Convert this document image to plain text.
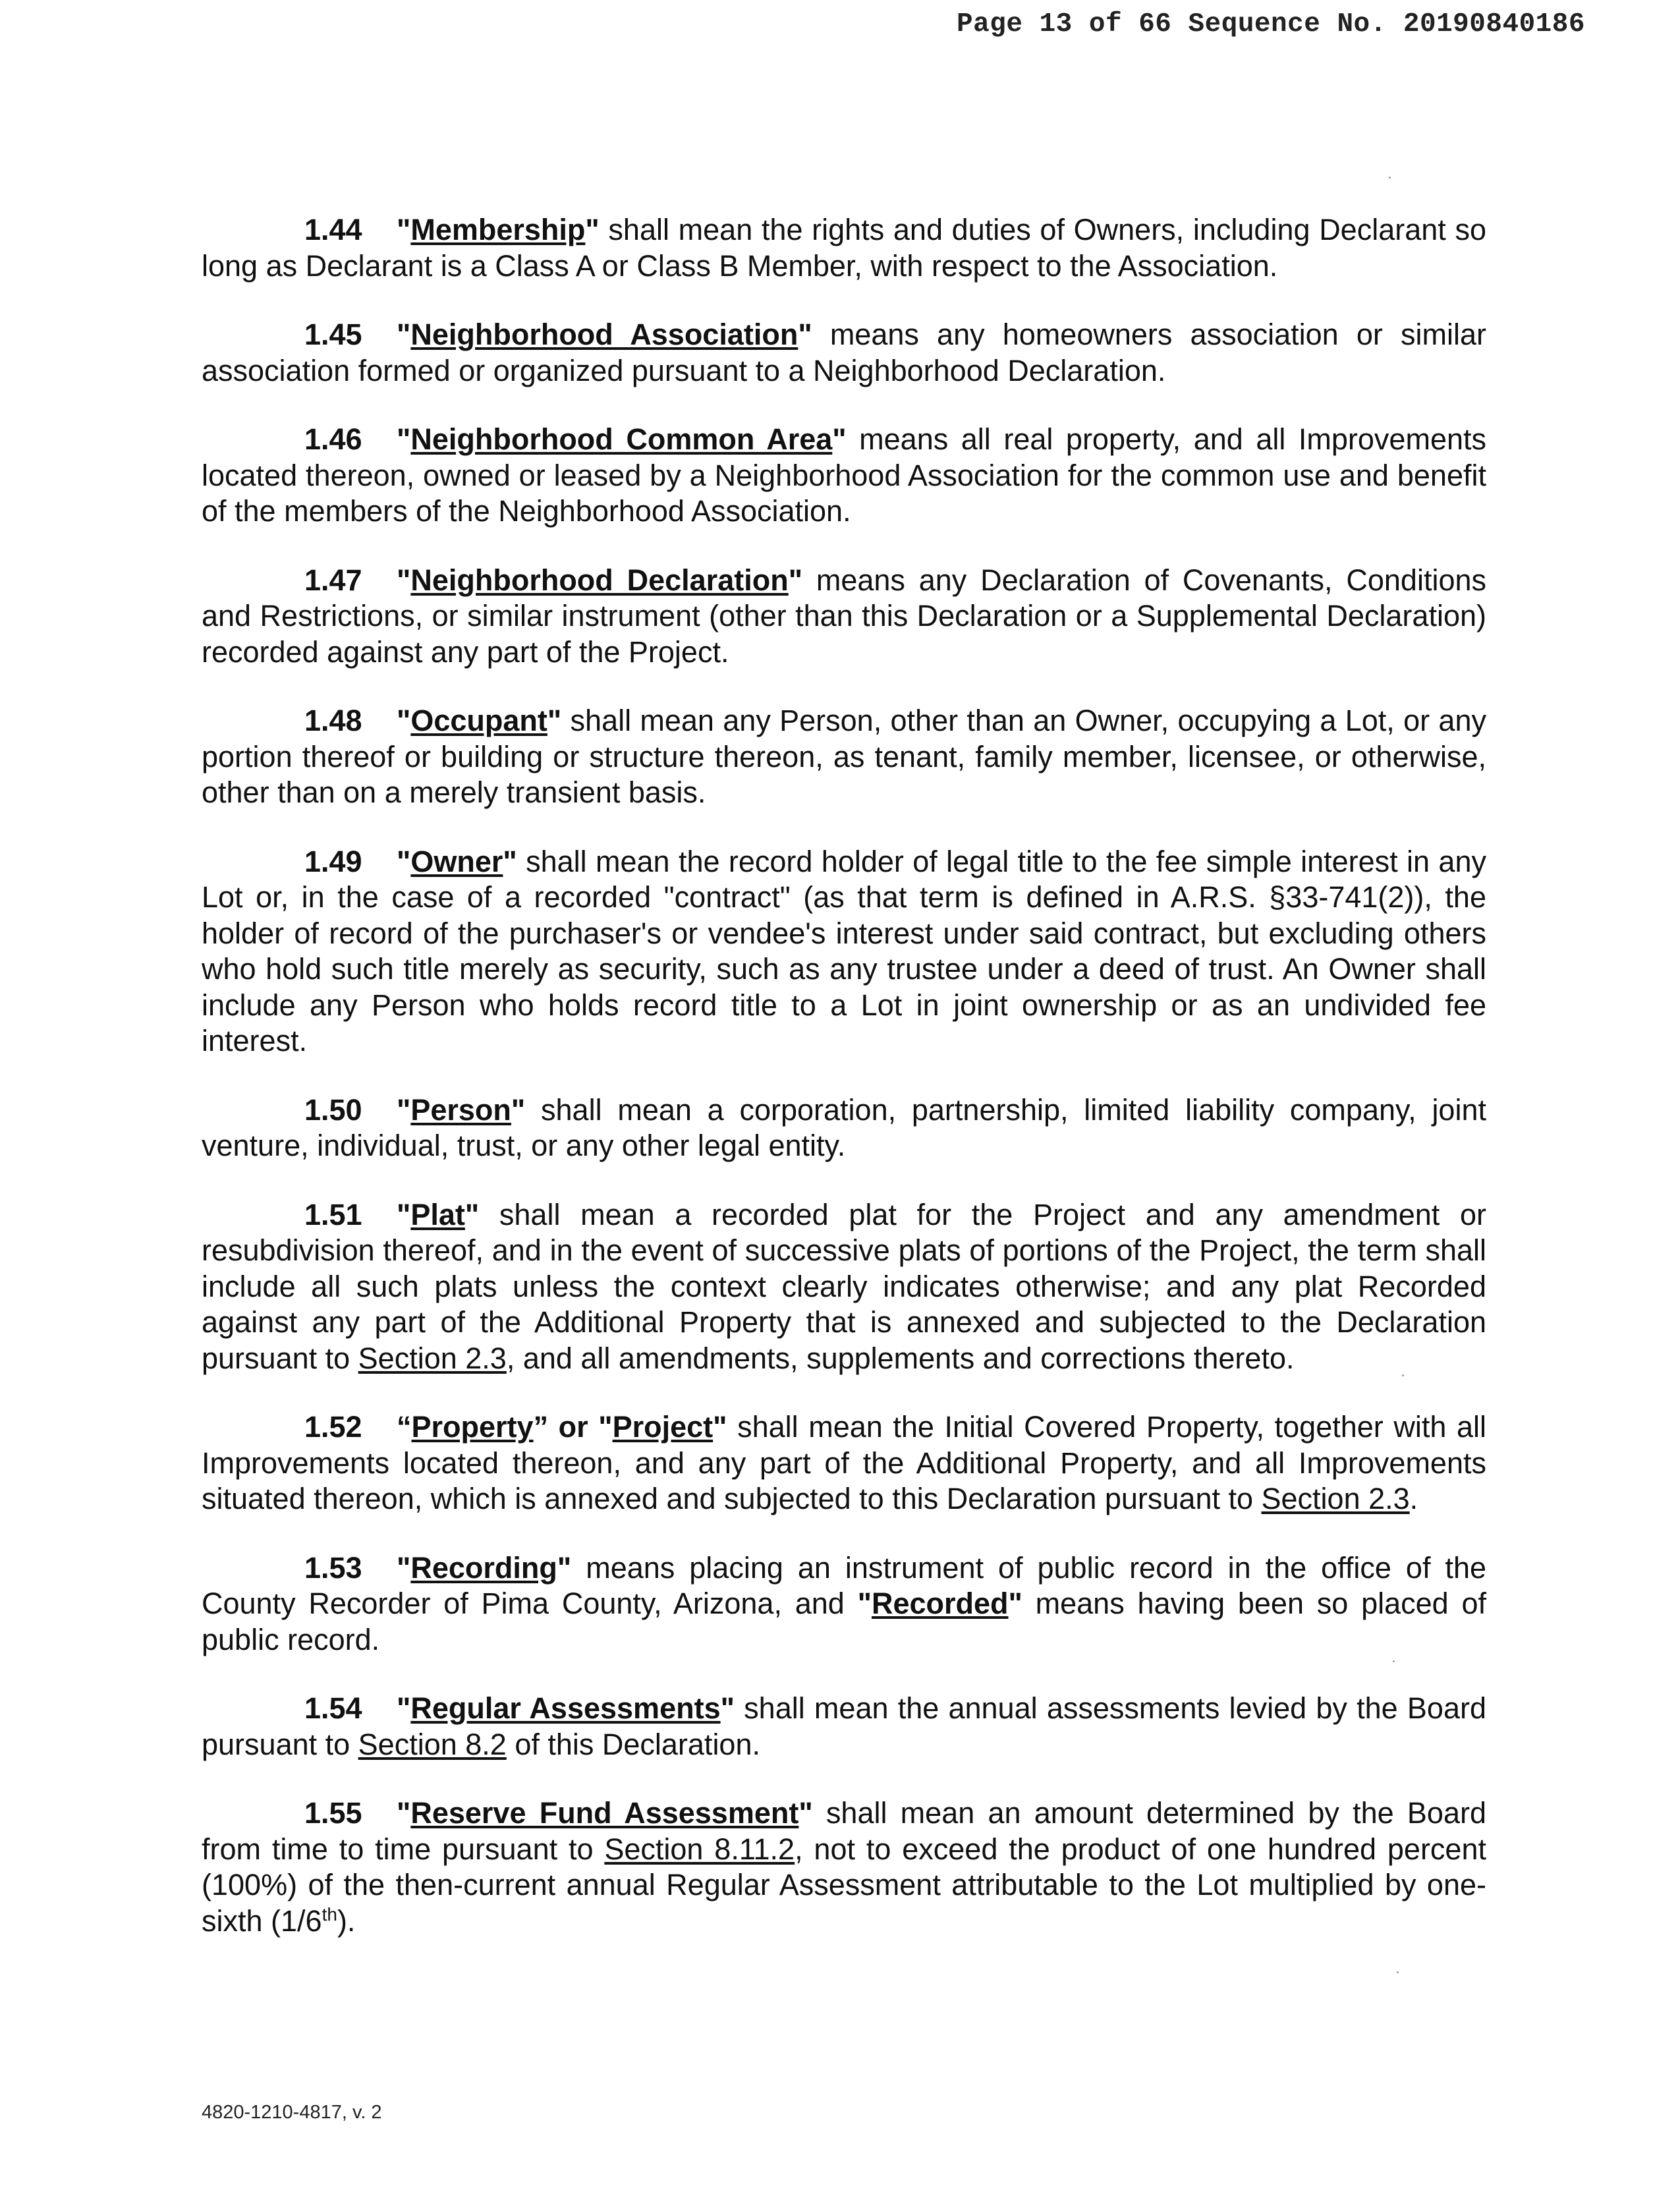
Page 13 of 66 Sequence No. 20190840186

1.44 "Membership" shall mean the rights and duties of Owners, including Declarant so long as Declarant is a Class A or Class B Member, with respect to the Association.

1.45 "Neighborhood Association" means any homeowners association or similar association formed or organized pursuant to a Neighborhood Declaration.

1.46 "Neighborhood Common Area" means all real property, and all Improvements located thereon, owned or leased by a Neighborhood Association for the common use and benefit of the members of the Neighborhood Association.

1.47 "Neighborhood Declaration" means any Declaration of Covenants, Conditions and Restrictions, or similar instrument (other than this Declaration or a Supplemental Declaration) recorded against any part of the Project.

1.48 "Occupant" shall mean any Person, other than an Owner, occupying a Lot, or any portion thereof or building or structure thereon, as tenant, family member, licensee, or otherwise, other than on a merely transient basis.

1.49 "Owner" shall mean the record holder of legal title to the fee simple interest in any Lot or, in the case of a recorded "contract" (as that term is defined in A.R.S. §33-741(2)), the holder of record of the purchaser's or vendee's interest under said contract, but excluding others who hold such title merely as security, such as any trustee under a deed of trust. An Owner shall include any Person who holds record title to a Lot in joint ownership or as an undivided fee interest.

1.50 "Person" shall mean a corporation, partnership, limited liability company, joint venture, individual, trust, or any other legal entity.

1.51 "Plat" shall mean a recorded plat for the Project and any amendment or resubdivision thereof, and in the event of successive plats of portions of the Project, the term shall include all such plats unless the context clearly indicates otherwise; and any plat Recorded against any part of the Additional Property that is annexed and subjected to the Declaration pursuant to Section 2.3, and all amendments, supplements and corrections thereto.

1.52 “Property” or "Project" shall mean the Initial Covered Property, together with all Improvements located thereon, and any part of the Additional Property, and all Improvements situated thereon, which is annexed and subjected to this Declaration pursuant to Section 2.3.

1.53 "Recording" means placing an instrument of public record in the office of the County Recorder of Pima County, Arizona, and "Recorded" means having been so placed of public record.

1.54 "Regular Assessments" shall mean the annual assessments levied by the Board pursuant to Section 8.2 of this Declaration.

1.55 "Reserve Fund Assessment" shall mean an amount determined by the Board from time to time pursuant to Section 8.11.2, not to exceed the product of one hundred percent (100%) of the then-current annual Regular Assessment attributable to the Lot multiplied by one-sixth (1/6th).

4820-1210-4817, v. 2
